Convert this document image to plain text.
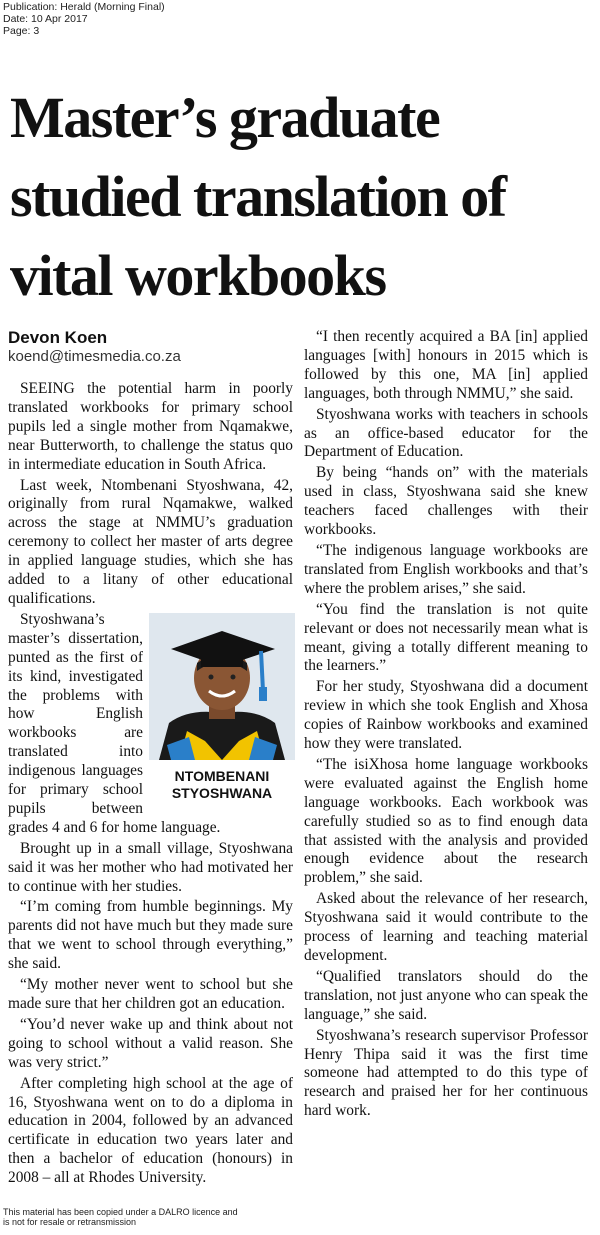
Publication: Herald (Morning Final)
Date: 10 Apr 2017
Page: 3
Master’s graduate studied translation of vital workbooks
Devon Koen
koend@timesmedia.co.za

SEEING the potential harm in poorly translated workbooks for primary school pupils led a single mother from Nqamakwe, near Butterworth, to challenge the status quo in intermediate education in South Africa.

Last week, Ntombenani Styoshwana, 42, originally from rural Nqamakwe, walked across the stage at NMMU’s graduation ceremony to collect her master of arts degree in applied language studies, which she has added to a litany of other educational qualifications.

NTOMBENANI
STYOSHWANA

Styoshwana’s master’s dissertation, punted as the first of its kind, investigated the problems with how English workbooks are translated into indigenous languages for primary school pupils between grades 4 and 6 for home language.

Brought up in a small village, Styoshwana said it was her mother who had motivated her to continue with her studies.

“I’m coming from humble beginnings. My parents did not have much but they made sure that we went to school through everything,” she said.

“My mother never went to school but she made sure that her children got an education.

“You’d never wake up and think about not going to school without a valid reason. She was very strict.”

After completing high school at the age of 16, Styoshwana went on to do a diploma in education in 2004, followed by an advanced certificate in education two years later and then a bachelor of education (honours) in 2008 – all at Rhodes University.

“I then recently acquired a BA [in] applied languages [with] honours in 2015 which is followed by this one, MA [in] applied languages, both through NMMU,” she said.

Styoshwana works with teachers in schools as an office-based educator for the Department of Education.

By being “hands on” with the materials used in class, Styoshwana said she knew teachers faced challenges with their workbooks.

“The indigenous language workbooks are translated from English workbooks and that’s where the problem arises,” she said.

“You find the translation is not quite relevant or does not necessarily mean what is meant, giving a totally different meaning to the learners.”

For her study, Styoshwana did a document review in which she took English and Xhosa copies of Rainbow workbooks and examined how they were translated.

“The isiXhosa home language workbooks were evaluated against the English home language workbooks. Each workbook was carefully studied so as to find enough data that assisted with the analysis and provided enough evidence about the research problem,” she said.

Asked about the relevance of her research, Styoshwana said it would contribute to the process of learning and teaching material development.

“Qualified translators should do the translation, not just anyone who can speak the language,” she said.

Styoshwana’s research supervisor Professor Henry Thipa said it was the first time someone had attempted to do this type of research and praised her for her continuous hard work.

This material has been copied under a DALRO licence and
is not for resale or retransmission
